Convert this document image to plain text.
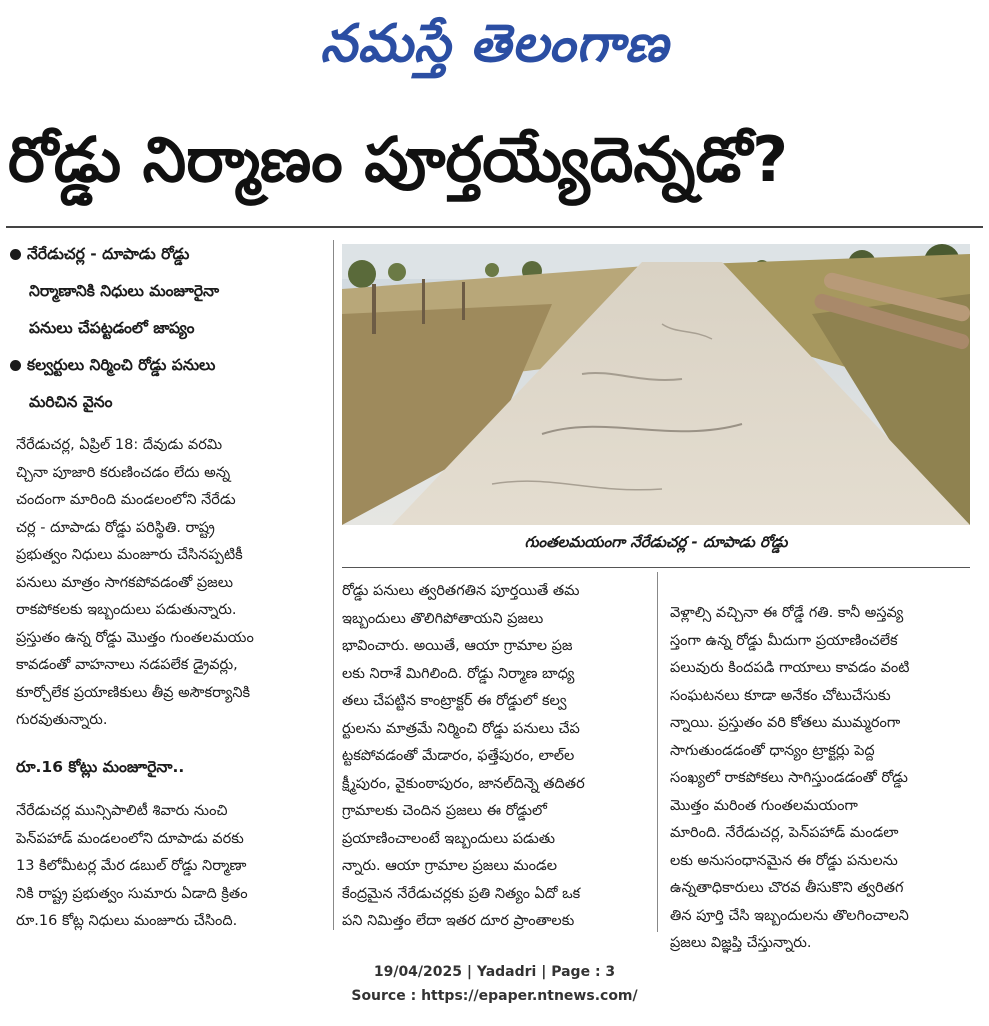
నమస్తే తెలంగాణ
రోడ్డు నిర్మాణం పూర్తయ్యేదెన్నడో?
నేరేడుచర్ల - దూపాడు రోడ్డు
నిర్మాణానికి నిధులు మంజూరైనా
పనులు చేపట్టడంలో జాప్యం
కల్వర్టులు నిర్మించి రోడ్డు పనులు
మరిచిన వైనం

నేరేడుచర్ల, ఏప్రిల్ 18: దేవుడు వరమి

చ్చినా పూజారి కరుణించడం లేదు అన్న

చందంగా మారింది మండలంలోని నేరేడు

చర్ల - దూపాడు రోడ్డు పరిస్థితి. రాష్ట్ర

ప్రభుత్వం నిధులు మంజూరు చేసినప్పటికీ

పనులు మాత్రం సాగకపోవడంతో ప్రజలు

రాకపోకలకు ఇబ్బందులు పడుతున్నారు.

ప్రస్తుతం ఉన్న రోడ్డు మొత్తం గుంతలమయం

కావడంతో వాహనాలు నడపలేక డ్రైవర్లు,

కూర్చోలేక ప్రయాణికులు తీవ్ర అసౌకర్యానికి

గురవుతున్నారు.

రూ.16 కోట్లు మంజూరైనా..

నేరేడుచర్ల మున్సిపాలిటీ శివారు నుంచి

పెన్‌పహాడ్ మండలంలోని దూపాడు వరకు

13 కిలోమీటర్ల మేర డబుల్ రోడ్డు నిర్మాణా

నికి రాష్ట్ర ప్రభుత్వం సుమారు ఏడాది క్రితం

రూ.16 కోట్ల నిధులు మంజూరు చేసింది.

గుంతలమయంగా నేరేడుచర్ల - దూపాడు రోడ్డు

రోడ్డు పనులు త్వరితగతిన పూర్తయితే తమ

ఇబ్బందులు తొలిగిపోతాయని ప్రజలు

భావించారు. అయితే, ఆయా గ్రామాల ప్రజ

లకు నిరాశే మిగిలింది. రోడ్డు నిర్మాణ బాధ్య

తలు చేపట్టిన కాంట్రాక్టర్ ఈ రోడ్డులో కల్వ

ర్టులను మాత్రమే నిర్మించి రోడ్డు పనులు చేప

ట్టకపోవడంతో మేడారం, ఫత్తేపురం, లాల్‌ల

క్ష్మీపురం, వైకుంఠాపురం, జానల్‌దిన్నె తదితర

గ్రామాలకు చెందిన ప్రజలు ఈ రోడ్డులో

ప్రయాణించాలంటే ఇబ్బందులు పడుతు

న్నారు. ఆయా గ్రామాల ప్రజలు మండల

కేంద్రమైన నేరేడుచర్లకు ప్రతి నిత్యం ఏదో ఒక

పని నిమిత్తం లేదా ఇతర దూర ప్రాంతాలకు

వెళ్లాల్సి వచ్చినా ఈ రోడ్డే గతి. కానీ అస్తవ్య

స్తంగా ఉన్న రోడ్డు మీదుగా ప్రయాణించలేక

పలువురు కిందపడి గాయాలు కావడం వంటి

సంఘటనలు కూడా అనేకం చోటుచేసుకు

న్నాయి. ప్రస్తుతం వరి కోతలు ముమ్మరంగా

సాగుతుండడంతో ధాన్యం ట్రాక్టర్లు పెద్ద

సంఖ్యలో రాకపోకలు సాగిస్తుండడంతో రోడ్డు

మొత్తం మరింత గుంతలమయంగా

మారింది. నేరేడుచర్ల, పెన్‌పహాడ్ మండలా

లకు అనుసంధానమైన ఈ రోడ్డు పనులను

ఉన్నతాధికారులు చొరవ తీసుకొని త్వరితగ

తిన పూర్తి చేసి ఇబ్బందులను తొలగించాలని

ప్రజలు విజ్ఞప్తి చేస్తున్నారు.

19/04/2025 | Yadadri | Page : 3
Source : https://epaper.ntnews.com/
